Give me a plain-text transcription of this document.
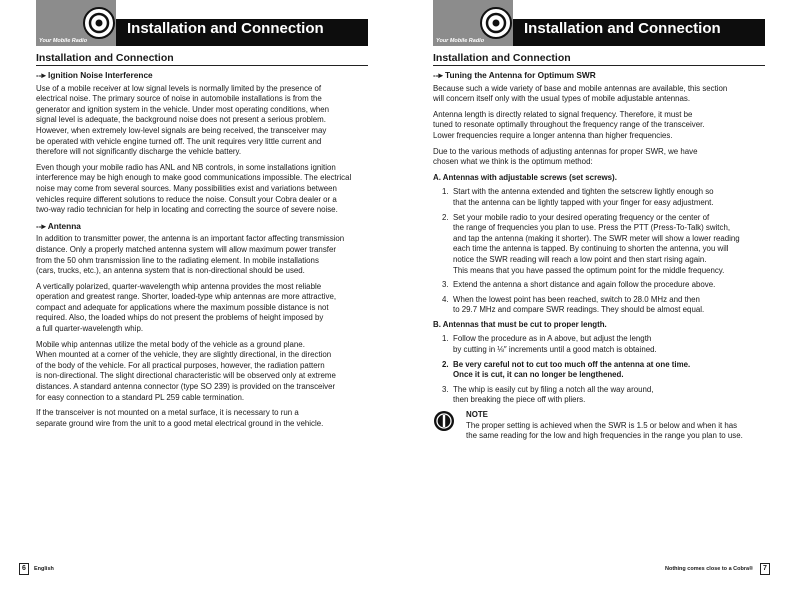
Installation and Connection
Your Mobile Radio
Installation and Connection
--▸ Ignition Noise Interference

Use of a mobile receiver at low signal levels is normally limited by the presence of
electrical noise. The primary source of noise in automobile installations is from the
generator and ignition system in the vehicle. Under most operating conditions, when
signal level is adequate, the background noise does not present a serious problem.
However, when extremely low-level signals are being received, the transceiver may
be operated with vehicle engine turned off. The unit requires very little current and
therefore will not significantly discharge the vehicle battery.

Even though your mobile radio has ANL and NB controls, in some installations ignition
interference may be high enough to make good communications impossible. The electrical
noise may come from several sources. Many possibilities exist and variations between
vehicles require different solutions to reduce the noise. Consult your Cobra dealer or a
two-way radio technician for help in locating and correcting the source of severe noise.

--▸ Antenna

In addition to transmitter power, the antenna is an important factor affecting transmission
distance. Only a properly matched antenna system will allow maximum power transfer
from the 50 ohm transmission line to the radiating element. In mobile installations
(cars, trucks, etc.), an antenna system that is non-directional should be used.

A vertically polarized, quarter-wavelength whip antenna provides the most reliable
operation and greatest range. Shorter, loaded-type whip antennas are more attractive,
compact and adequate for applications where the maximum possible distance is not
required. Also, the loaded whips do not present the problems of height imposed by
a full quarter-wavelength whip.

Mobile whip antennas utilize the metal body of the vehicle as a ground plane.
When mounted at a corner of the vehicle, they are slightly directional, in the direction
of the body of the vehicle. For all practical purposes, however, the radiation pattern
is non-directional. The slight directional characteristic will be observed only at extreme
distances. A standard antenna connector (type SO 239) is provided on the transceiver
for easy connection to a standard PL 259 cable termination.

If the transceiver is not mounted on a metal surface, it is necessary to run a
separate ground wire from the unit to a good metal electrical ground in the vehicle.

6	English
Installation and Connection
Your Mobile Radio
Installation and Connection
--▸ Tuning the Antenna for Optimum SWR

Because such a wide variety of base and mobile antennas are available, this section
will concern itself only with the usual types of mobile adjustable antennas.

Antenna length is directly related to signal frequency. Therefore, it must be
tuned to resonate optimally throughout the frequency range of the transceiver.
Lower frequencies require a longer antenna than higher frequencies.

Due to the various methods of adjusting antennas for proper SWR, we have
chosen what we think is the optimum method:

A. Antennas with adjustable screws (set screws).
1. Start with the antenna extended and tighten the setscrew lightly enough so
that the antenna can be lightly tapped with your finger for easy adjustment.
2. Set your mobile radio to your desired operating frequency or the center of
the range of frequencies you plan to use. Press the PTT (Press-To-Talk) switch,
and tap the antenna (making it shorter). The SWR meter will show a lower reading
each time the antenna is tapped. By continuing to shorten the antenna, you will
notice the SWR reading will reach a low point and then start rising again.
This means that you have passed the optimum point for the middle frequency.
3. Extend the antenna a short distance and again follow the procedure above.
4. When the lowest point has been reached, switch to 28.0 MHz and then
to 29.7 MHz and compare SWR readings. They should be almost equal.
B. Antennas that must be cut to proper length.
1. Follow the procedure as in A above, but adjust the length
by cutting in ⅛″ increments until a good match is obtained.
2. Be very careful not to cut too much off the antenna at one time.
Once it is cut, it can no longer be lengthened.
3. The whip is easily cut by filing a notch all the way around,
then breaking the piece off with pliers.
NOTE
The proper setting is achieved when the SWR is 1.5 or below and when it has
the same reading for the low and high frequencies in the range you plan to use.
Nothing comes close to a Cobra®	7
